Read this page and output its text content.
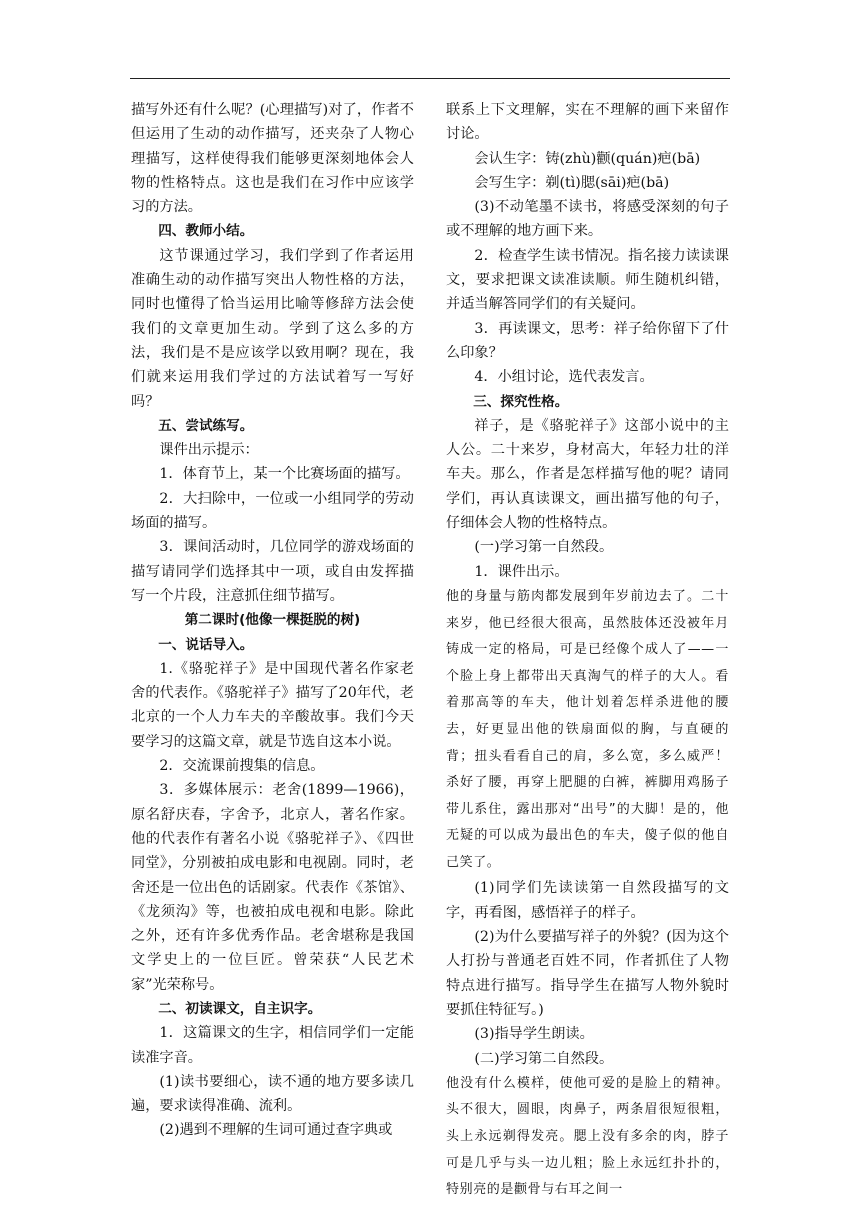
描写外还有什么呢？(心理描写)对了，作者不但运用了生动的动作描写，还夹杂了人物心理描写，这样使得我们能够更深刻地体会人物的性格特点。这也是我们在习作中应该学习的方法。

四、教师小结。

这节课通过学习，我们学到了作者运用准确生动的动作描写突出人物性格的方法，同时也懂得了恰当运用比喻等修辞方法会使我们的文章更加生动。学到了这么多的方法，我们是不是应该学以致用啊？现在，我们就来运用我们学过的方法试着写一写好吗？

五、尝试练写。

课件出示提示：

1．体育节上，某一个比赛场面的描写。

2．大扫除中，一位或一小组同学的劳动场面的描写。

3．课间活动时，几位同学的游戏场面的描写请同学们选择其中一项，或自由发挥描写一个片段，注意抓住细节描写。

第二课时(他像一棵挺脱的树)

一、说话导入。

1.《骆驼祥子》是中国现代著名作家老舍的代表作。《骆驼祥子》描写了20年代，老北京的一个人力车夫的辛酸故事。我们今天要学习的这篇文章，就是节选自这本小说。

2．交流课前搜集的信息。

3．多媒体展示：老舍(1899—1966)，原名舒庆春，字舍予，北京人，著名作家。他的代表作有著名小说《骆驼祥子》、《四世同堂》，分别被拍成电影和电视剧。同时，老舍还是一位出色的话剧家。代表作《茶馆》、《龙须沟》等，也被拍成电视和电影。除此之外，还有许多优秀作品。老舍堪称是我国文学史上的一位巨匠。曾荣获“人民艺术家”光荣称号。

二、初读课文，自主识字。

1．这篇课文的生字，相信同学们一定能读准字音。

(1)读书要细心，读不通的地方要多读几遍，要求读得准确、流利。

(2)遇到不理解的生词可通过查字典或

联系上下文理解，实在不理解的画下来留作讨论。

会认生字：铸(zhù)颧(quán)疤(bā)

会写生字：剃(tì)腮(sāi)疤(bā)

(3)不动笔墨不读书，将感受深刻的句子或不理解的地方画下来。

2．检查学生读书情况。指名接力读读课文，要求把课文读准读顺。师生随机纠错，并适当解答同学们的有关疑问。

3．再读课文，思考：祥子给你留下了什么印象？

4．小组讨论，选代表发言。

三、探究性格。

祥子，是《骆驼祥子》这部小说中的主人公。二十来岁，身材高大，年轻力壮的洋车夫。那么，作者是怎样描写他的呢？请同学们，再认真读课文，画出描写他的句子，仔细体会人物的性格特点。

(一)学习第一自然段。

1．课件出示。

他的身量与筋肉都发展到年岁前边去了。二十来岁，他已经很大很高，虽然肢体还没被年月铸成一定的格局，可是已经像个成人了——一个脸上身上都带出天真淘气的样子的大人。看着那高等的车夫，他计划着怎样杀进他的腰去，好更显出他的铁扇面似的胸，与直硬的背；扭头看看自己的肩，多么宽，多么威严！杀好了腰，再穿上肥腿的白裤，裤脚用鸡肠子带儿系住，露出那对“出号”的大脚！是的，他无疑的可以成为最出色的车夫，傻子似的他自己笑了。

(1)同学们先读读第一自然段描写的文字，再看图，感悟祥子的样子。

(2)为什么要描写祥子的外貌？(因为这个人打扮与普通老百姓不同，作者抓住了人物特点进行描写。指导学生在描写人物外貌时要抓住特征写。)

(3)指导学生朗读。

(二)学习第二自然段。

他没有什么模样，使他可爱的是脸上的精神。头不很大，圆眼，肉鼻子，两条眉很短很粗，头上永远剃得发亮。腮上没有多余的肉，脖子可是几乎与头一边儿粗；脸上永远红扑扑的，特别亮的是颧骨与右耳之间一
